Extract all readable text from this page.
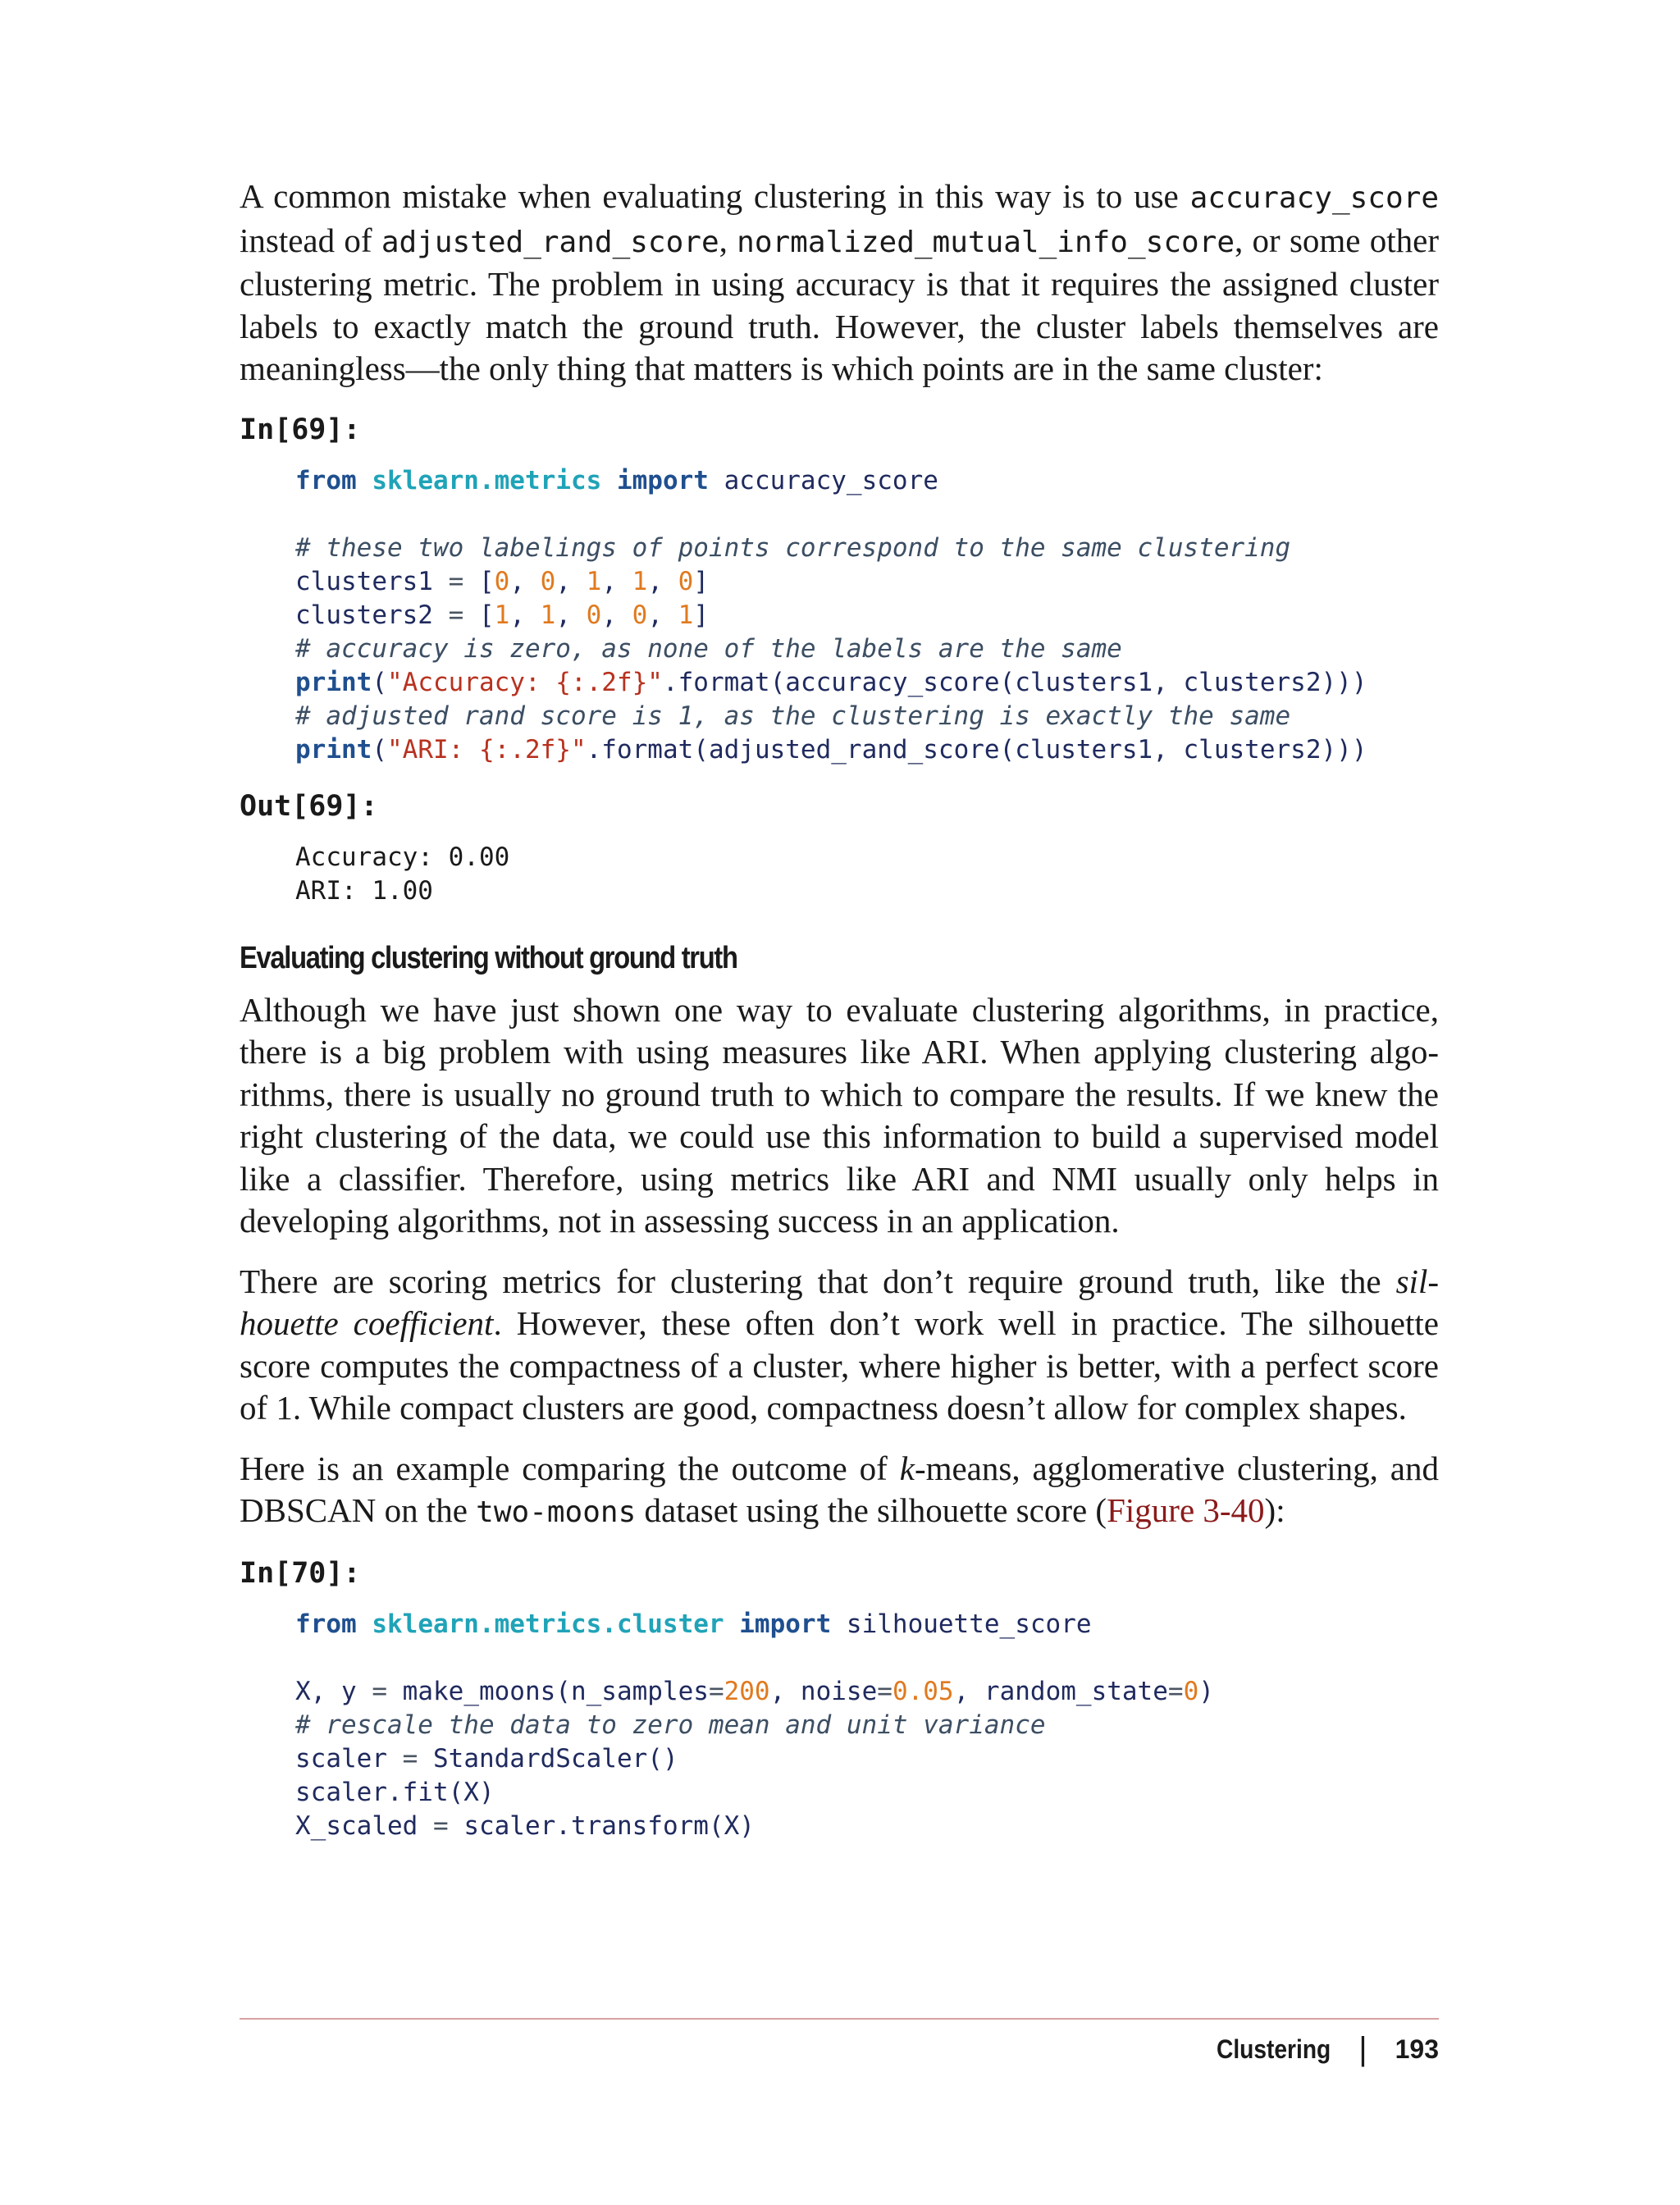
A common mistake when evaluating clustering in this way is to use accuracy_score instead of adjusted_rand_score, normalized_mutual_info_score, or some other clustering metric. The problem in using accuracy is that it requires the assigned cluster labels to exactly match the ground truth. However, the cluster labels themselves are meaningless—the only thing that matters is which points are in the same cluster:

In[69]:
from sklearn.metrics import accuracy_score

# these two labelings of points correspond to the same clustering
clusters1 = [0, 0, 1, 1, 0]
clusters2 = [1, 1, 0, 0, 1]
# accuracy is zero, as none of the labels are the same
print("Accuracy: {:.2f}".format(accuracy_score(clusters1, clusters2)))
# adjusted rand score is 1, as the clustering is exactly the same
print("ARI: {:.2f}".format(adjusted_rand_score(clusters1, clusters2)))
Out[69]:
Accuracy: 0.00
ARI: 1.00
Evaluating clustering without ground truth

Although we have just shown one way to evaluate clustering algorithms, in practice, there is a big problem with using measures like ARI. When applying clustering algorithms, there is usually no ground truth to which to compare the results. If we knew the right clustering of the data, we could use this information to build a supervised model like a classifier. Therefore, using metrics like ARI and NMI usually only helps in developing algorithms, not in assessing success in an application.

There are scoring metrics for clustering that don’t require ground truth, like the silhouette coefficient. However, these often don’t work well in practice. The silhouette score computes the compactness of a cluster, where higher is better, with a perfect score of 1. While compact clusters are good, compactness doesn’t allow for complex shapes.

Here is an example comparing the outcome of k-means, agglomerative clustering, and DBSCAN on the two-moons dataset using the silhouette score (Figure 3-40):

In[70]:
from sklearn.metrics.cluster import silhouette_score

X, y = make_moons(n_samples=200, noise=0.05, random_state=0)
# rescale the data to zero mean and unit variance
scaler = StandardScaler()
scaler.fit(X)
X_scaled = scaler.transform(X)
Clustering | 193
